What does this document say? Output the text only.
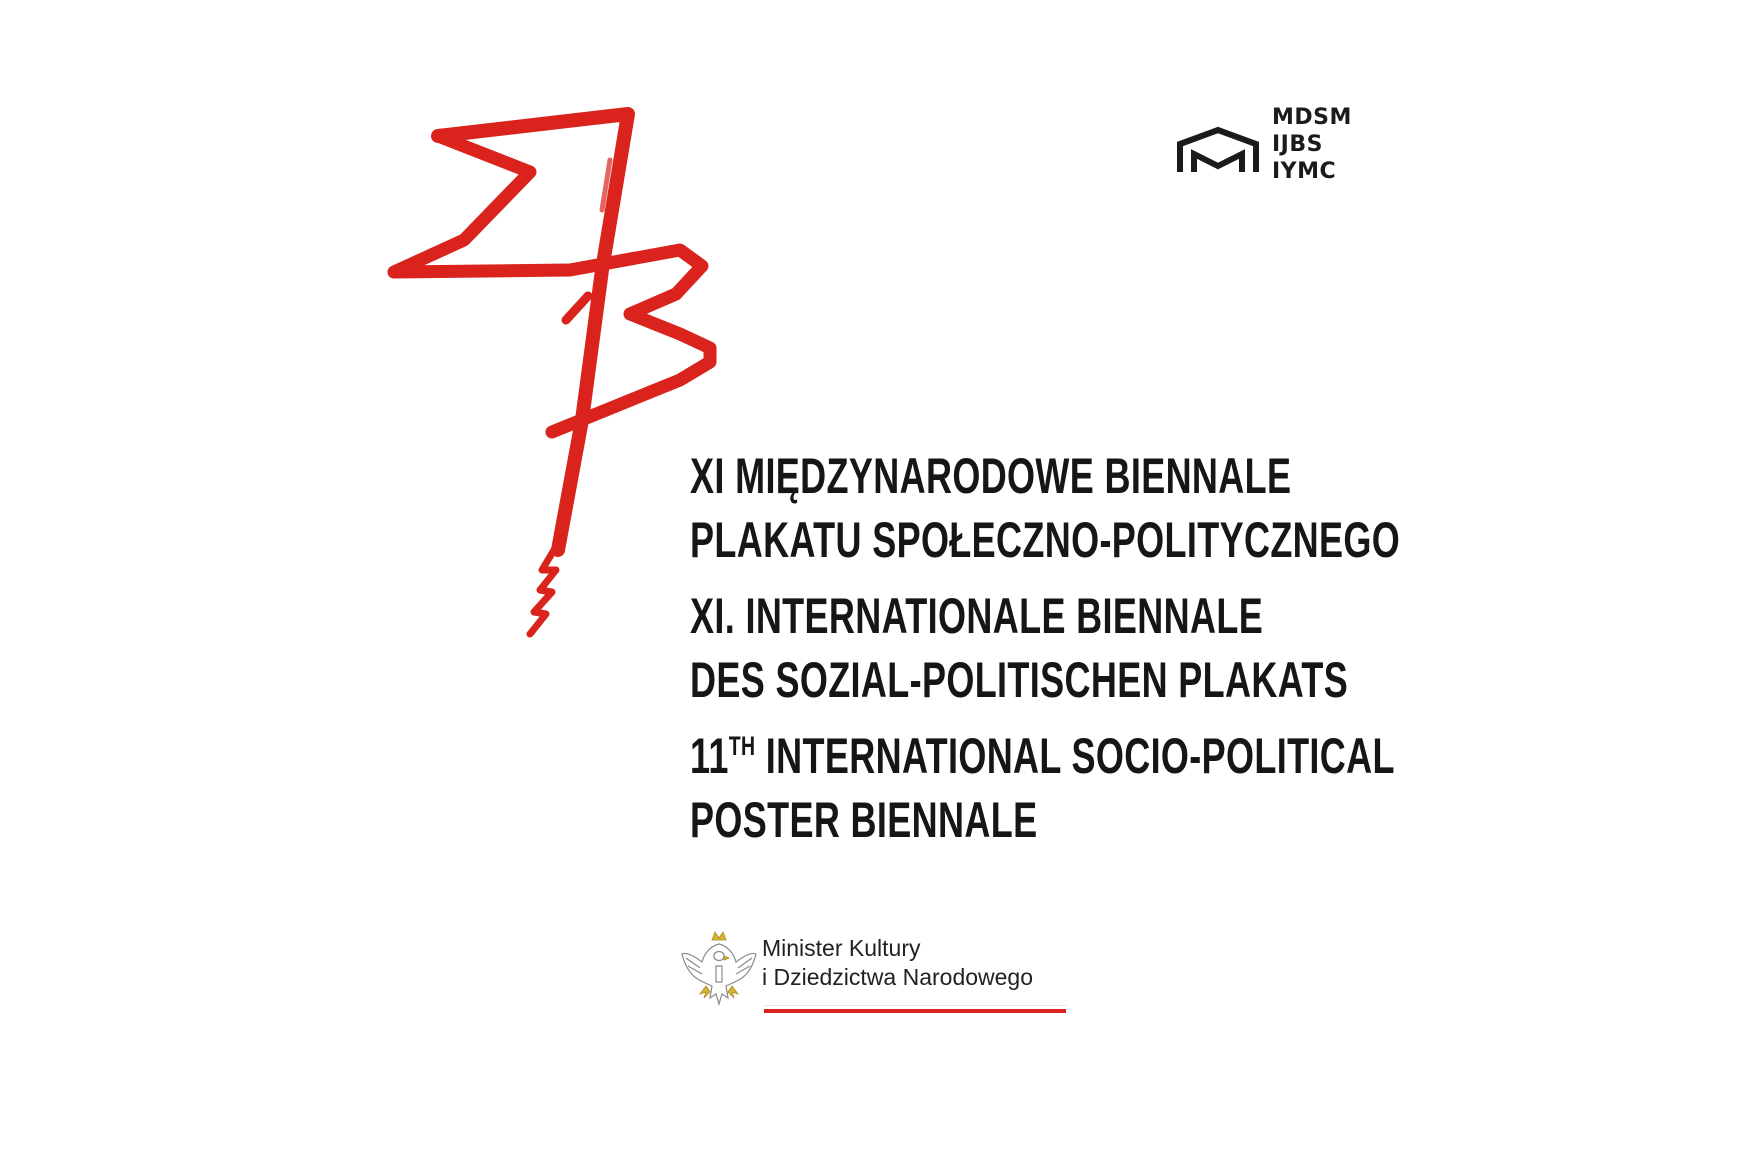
MDSM
IJBS
IYMC
XI MIĘDZYNARODOWE BIENNALE
PLAKATU SPOŁECZNO-POLITYCZNEGO
XI. INTERNATIONALE BIENNALE
DES SOZIAL-POLITISCHEN PLAKATS
11TH INTERNATIONAL SOCIO-POLITICAL
POSTER BIENNALE
Minister Kultury
i Dziedzictwa Narodowego
